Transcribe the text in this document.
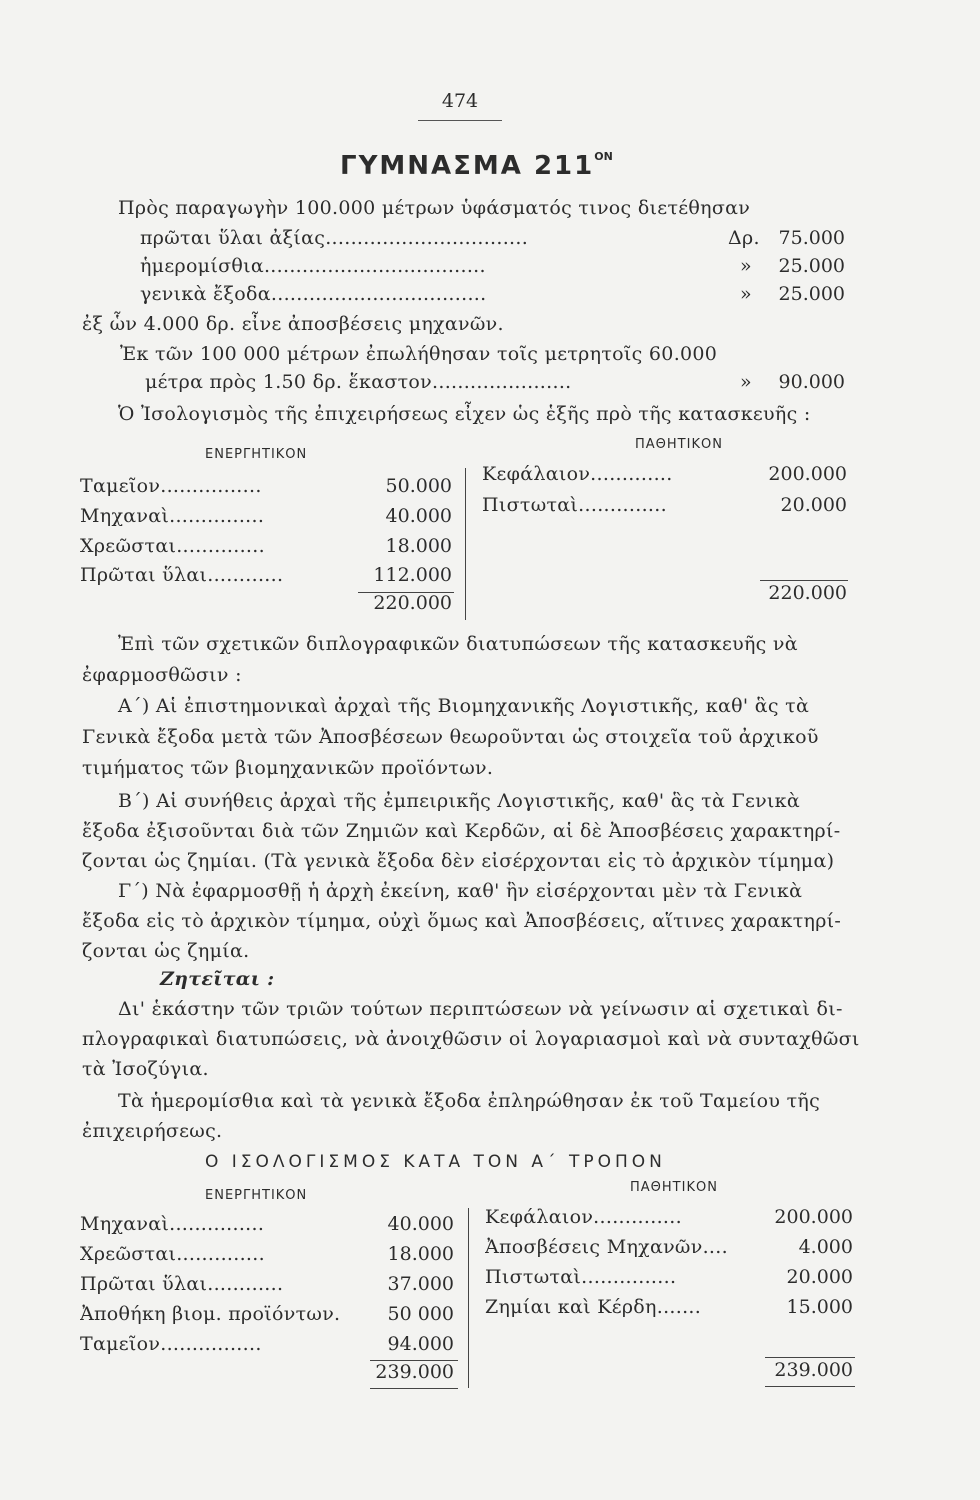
474
ΓΥΜΝΑΣΜΑ $211^{ON}$
Πρὸς παραγωγὴν 100.000 μέτρων ὑφάσματός τινος διετέθησαν
πρῶται ὕλαι ἀξίας................................	Δρ. 75.000
ἡμερομίσθια...................................	»	25.000
γενικὰ ἔξοδα..................................	»	25.000
ἐξ ὧν 4.000 δρ. εἶνε ἀποσβέσεις μηχανῶν.
Ἐκ τῶν 100 000 μέτρων ἐπωλήθησαν τοῖς μετρητοῖς 60.000
μέτρα πρὸς 1.50 δρ. ἕκαστον......................	»	90.000
Ὁ Ἰσολογισμὸς τῆς ἐπιχειρήσεως εἶχεν ὡς ἑξῆς πρὸ τῆς κατασκευῆς :
ΕΝΕΡΓΗΤΙΚΟΝ
ΠΑΘΗΤΙΚΟΝ
Ταμεῖον................	50.000
Μηχαναὶ...............	40.000
Χρεῶσται..............	18.000
Πρῶται ὕλαι............	112.000
220.000
Κεφάλαιον.............	200.000
Πιστωταὶ..............	20.000
220.000
Ἐπὶ τῶν σχετικῶν διπλογραφικῶν διατυπώσεων τῆς κατασκευῆς νὰ
ἐφαρμοσθῶσιν :
Α΄) Αἱ ἐπιστημονικαὶ ἀρχαὶ τῆς Βιομηχανικῆς Λογιστικῆς, καθ' ἃς τὰ
Γενικὰ ἔξοδα μετὰ τῶν Ἀποσβέσεων θεωροῦνται ὡς στοιχεῖα τοῦ ἀρχικοῦ
τιμήματος τῶν βιομηχανικῶν προϊόντων.
Β΄) Αἱ συνήθεις ἀρχαὶ τῆς ἐμπειρικῆς Λογιστικῆς, καθ' ἃς τὰ Γενικὰ
ἔξοδα ἐξισοῦνται διὰ τῶν Ζημιῶν καὶ Κερδῶν, αἱ δὲ Ἀποσβέσεις χαρακτηρί-
ζονται ὡς ζημίαι. (Τὰ γενικὰ ἔξοδα δὲν εἰσέρχονται εἰς τὸ ἀρχικὸν τίμημα)
Γ΄) Νὰ ἐφαρμοσθῇ ἡ ἀρχὴ ἐκείνη, καθ' ἣν εἰσέρχονται μὲν τὰ Γενικὰ
ἔξοδα εἰς τὸ ἀρχικὸν τίμημα, οὐχὶ ὅμως καὶ Ἀποσβέσεις, αἵτινες χαρακτηρί-
ζονται ὡς ζημία.
Ζητεῖται :
Δι' ἑκάστην τῶν τριῶν τούτων περιπτώσεων νὰ γείνωσιν αἱ σχετικαὶ δι-
πλογραφικαὶ διατυπώσεις, νὰ ἀνοιχθῶσιν οἱ λογαριασμοὶ καὶ νὰ συνταχθῶσι
τὰ Ἰσοζύγια.
Τὰ ἡμερομίσθια καὶ τὰ γενικὰ ἔξοδα ἐπληρώθησαν ἐκ τοῦ Ταμείου τῆς
ἐπιχειρήσεως.
Ο ΙΣΟΛΟΓΙΣΜΟΣ ΚΑΤΑ ΤΟΝ Α΄ ΤΡΟΠΟΝ
ΕΝΕΡΓΗΤΙΚΟΝ
ΠΑΘΗΤΙΚΟΝ
Μηχαναὶ...............	40.000
Χρεῶσται..............	18.000
Πρῶται ὕλαι............	37.000
Ἀποθήκη βιομ. προϊόντων.	50 000
Ταμεῖον................	94.000
239.000
Κεφάλαιον..............	200.000
Ἀποσβέσεις Μηχανῶν....	4.000
Πιστωταὶ...............	20.000
Ζημίαι καὶ Κέρδη.......	15.000
239.000
